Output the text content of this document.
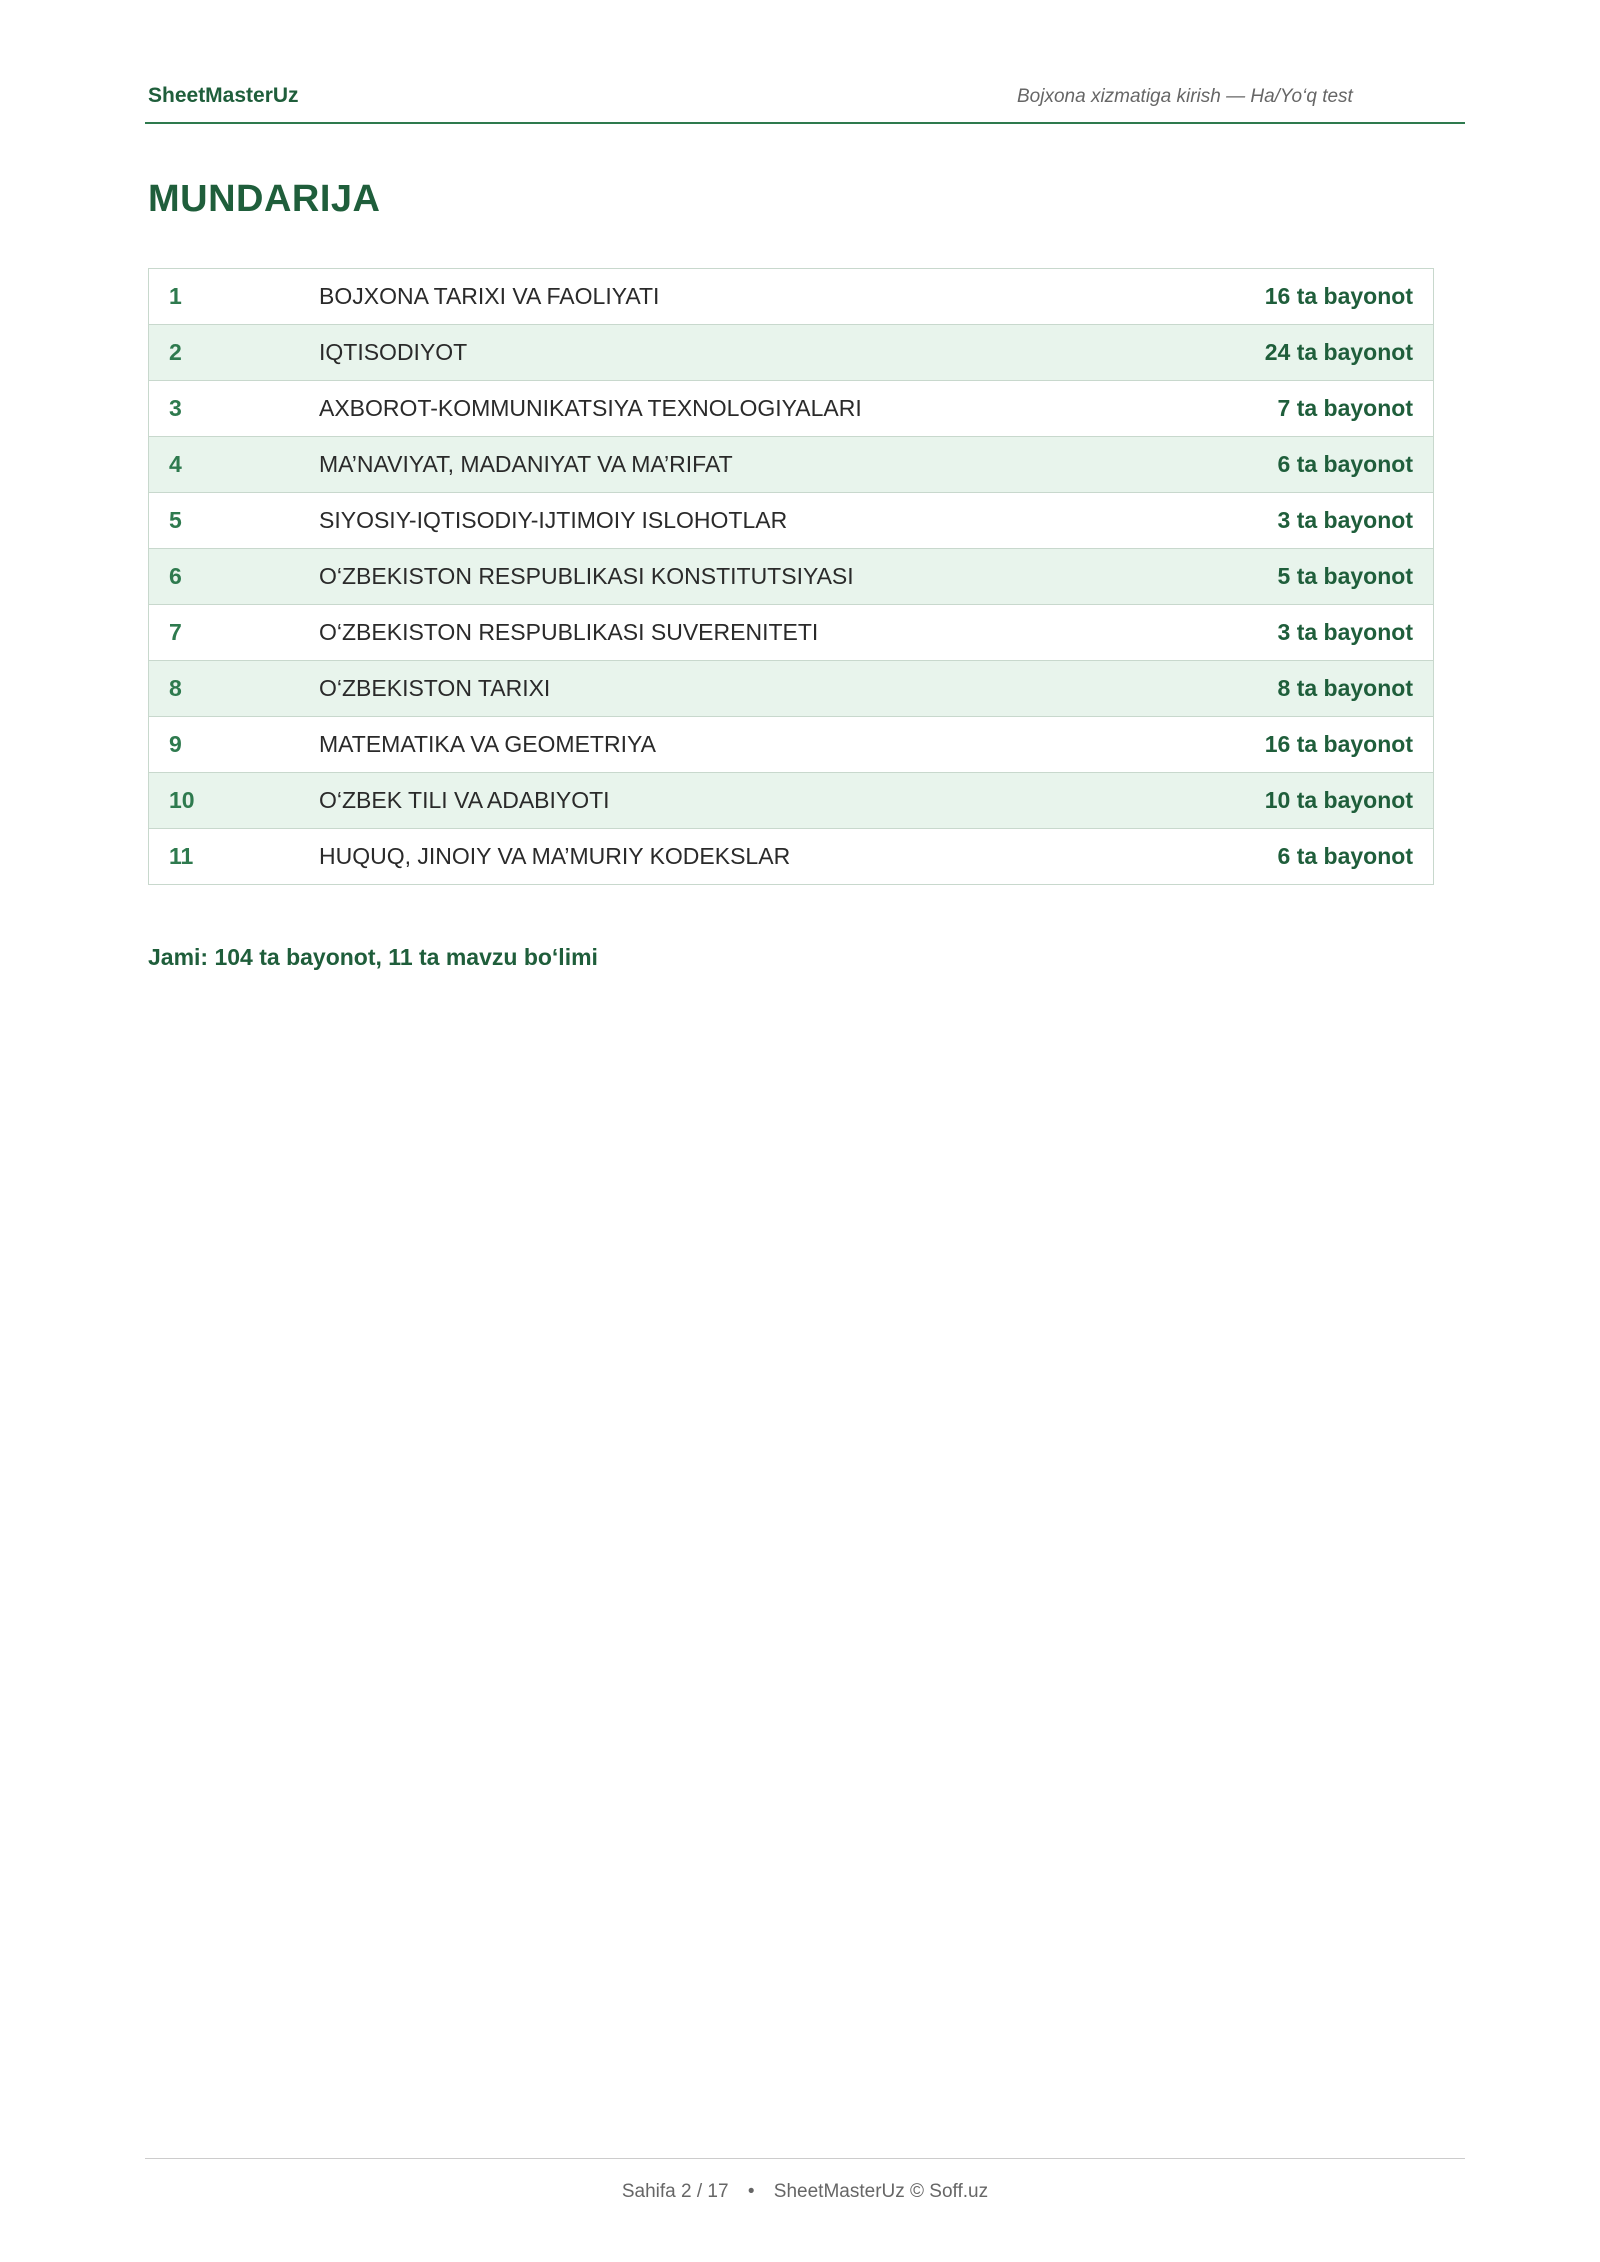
SheetMasterUz	Bojxona xizmatiga kirish — Ha/Yo‘q test
MUNDARIJA
1	BOJXONA TARIXI VA FAOLIYATI	16 ta bayonot
2	IQTISODIYOT	24 ta bayonot
3	AXBOROT-KOMMUNIKATSIYA TEXNOLOGIYALARI	7 ta bayonot
4	MA’NAVIYAT, MADANIYAT VA MA’RIFAT	6 ta bayonot
5	SIYOSIY-IQTISODIY-IJTIMOIY ISLOHOTLAR	3 ta bayonot
6	O‘ZBEKISTON RESPUBLIKASI KONSTITUTSIYASI	5 ta bayonot
7	O‘ZBEKISTON RESPUBLIKASI SUVERENITETI	3 ta bayonot
8	O‘ZBEKISTON TARIXI	8 ta bayonot
9	MATEMATIKA VA GEOMETRIYA	16 ta bayonot
10	O‘ZBEK TILI VA ADABIYOTI	10 ta bayonot
11	HUQUQ, JINOIY VA MA’MURIY KODEKSLAR	6 ta bayonot
Jami: 104 ta bayonot, 11 ta mavzu bo‘limi
Sahifa 2 / 17 • SheetMasterUz © Soff.uz
